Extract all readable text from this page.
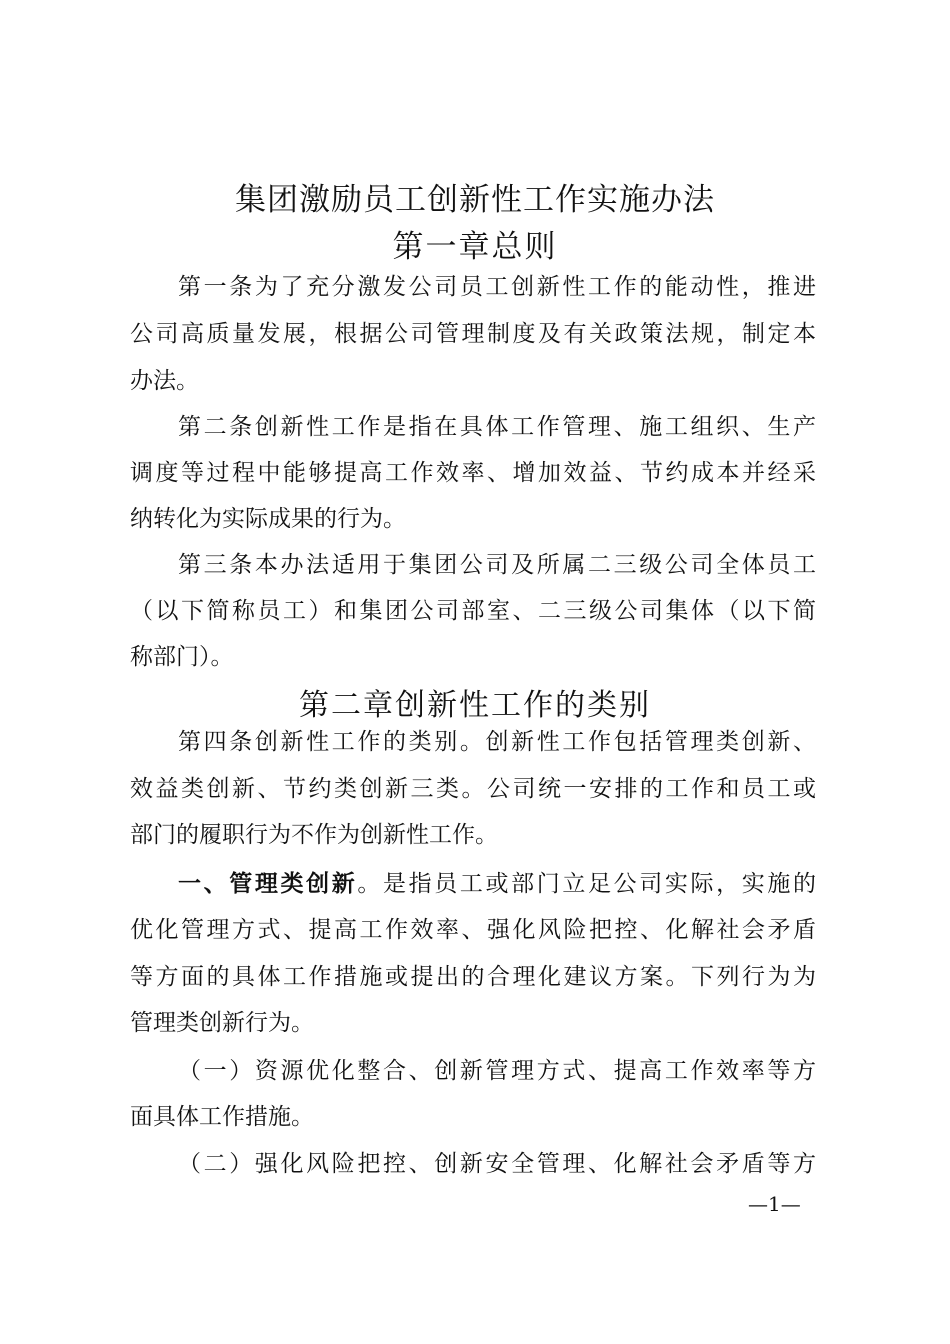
集团激励员工创新性工作实施办法
第一章总则
第一条为了充分激发公司员工创新性工作的能动性，推进
公司高质量发展，根据公司管理制度及有关政策法规，制定本
办法。
第二条创新性工作是指在具体工作管理、施工组织、生产
调度等过程中能够提高工作效率、增加效益、节约成本并经采
纳转化为实际成果的行为。
第三条本办法适用于集团公司及所属二三级公司全体员工
（以下简称员工）和集团公司部室、二三级公司集体（以下简
称部门）。
第二章创新性工作的类别
第四条创新性工作的类别。创新性工作包括管理类创新、
效益类创新、节约类创新三类。公司统一安排的工作和员工或
部门的履职行为不作为创新性工作。
一、管理类创新。是指员工或部门立足公司实际，实施的
优化管理方式、提高工作效率、强化风险把控、化解社会矛盾
等方面的具体工作措施或提出的合理化建议方案。下列行为为
管理类创新行为。
（一）资源优化整合、创新管理方式、提高工作效率等方
面具体工作措施。
（二）强化风险把控、创新安全管理、化解社会矛盾等方
—1—
